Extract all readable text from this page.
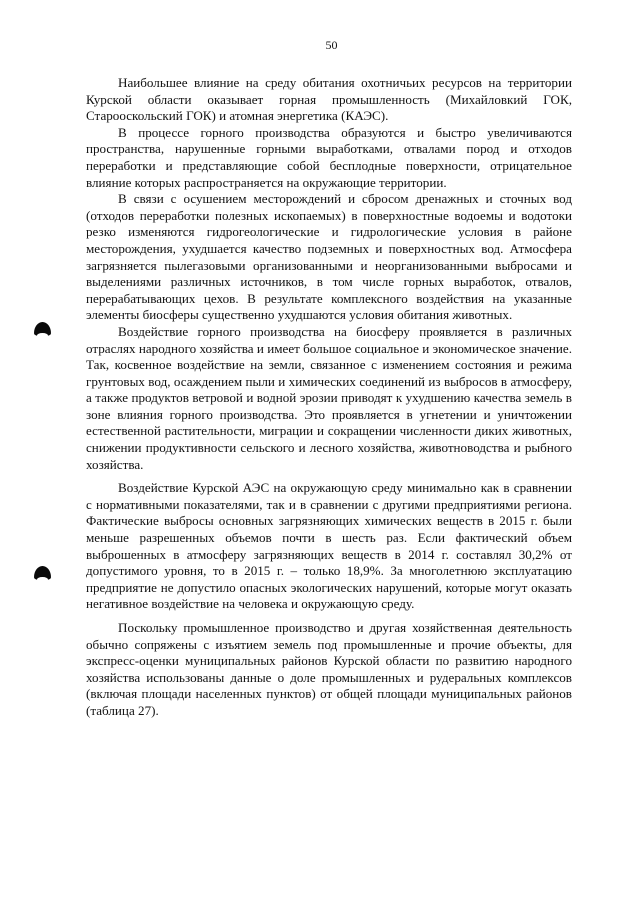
50

Наибольшее влияние на среду обитания охотничьих ресурсов на территории Курской области оказывает горная промышленность (Михайловкий ГОК, Старооскольский ГОК) и атомная энергетика (КАЭС).

В процессе горного производства образуются и быстро увеличиваются пространства, нарушенные горными выработками, отвалами пород и отходов переработки и представляющие собой бесплодные поверхности, отрицательное влияние которых распространяется на окружающие территории.

В связи с осушением месторождений и сбросом дренажных и сточных вод (отходов переработки полезных ископаемых) в поверхностные водоемы и водотоки резко изменяются гидрогеологические и гидрологические условия в районе месторождения, ухудшается качество подземных и поверхностных вод. Атмосфера загрязняется пылегазовыми организованными и неорганизованными выбросами и выделениями различных источников, в том числе горных выработок, отвалов, перерабатывающих цехов. В результате комплексного воздействия на указанные элементы биосферы существенно ухудшаются условия обитания животных.

Воздействие горного производства на биосферу проявляется в различных отраслях народного хозяйства и имеет большое социальное и экономическое значение. Так, косвенное воздействие на земли, связанное с изменением состояния и режима грунтовых вод, осаждением пыли и химических соединений из выбросов в атмосферу, а также продуктов ветровой и водной эрозии приводят к ухудшению качества земель в зоне влияния горного производства. Это проявляется в угнетении и уничтожении естественной растительности, миграции и сокращении численности диких животных, снижении продуктивности сельского и лесного хозяйства, животноводства и рыбного хозяйства.

Воздействие Курской АЭС на окружающую среду минимально как в сравнении с нормативными показателями, так и в сравнении с другими предприятиями региона. Фактические выбросы основных загрязняющих химических веществ в 2015 г. были меньше разрешенных объемов почти в шесть раз. Если фактический объем выброшенных в атмосферу загрязняющих веществ в 2014 г. составлял 30,2% от допустимого уровня, то в 2015 г. – только 18,9%. За многолетнюю эксплуатацию предприятие не допустило опасных экологических нарушений, которые могут оказать негативное воздействие на человека и окружающую среду.

Поскольку промышленное производство и другая хозяйственная деятельность обычно сопряжены с изъятием земель под промышленные и прочие объекты, для экспресс-оценки муниципальных районов Курской области по развитию народного хозяйства использованы данные о доле промышленных и рудеральных комплексов (включая площади населенных пунктов) от общей площади муниципальных районов (таблица 27).
